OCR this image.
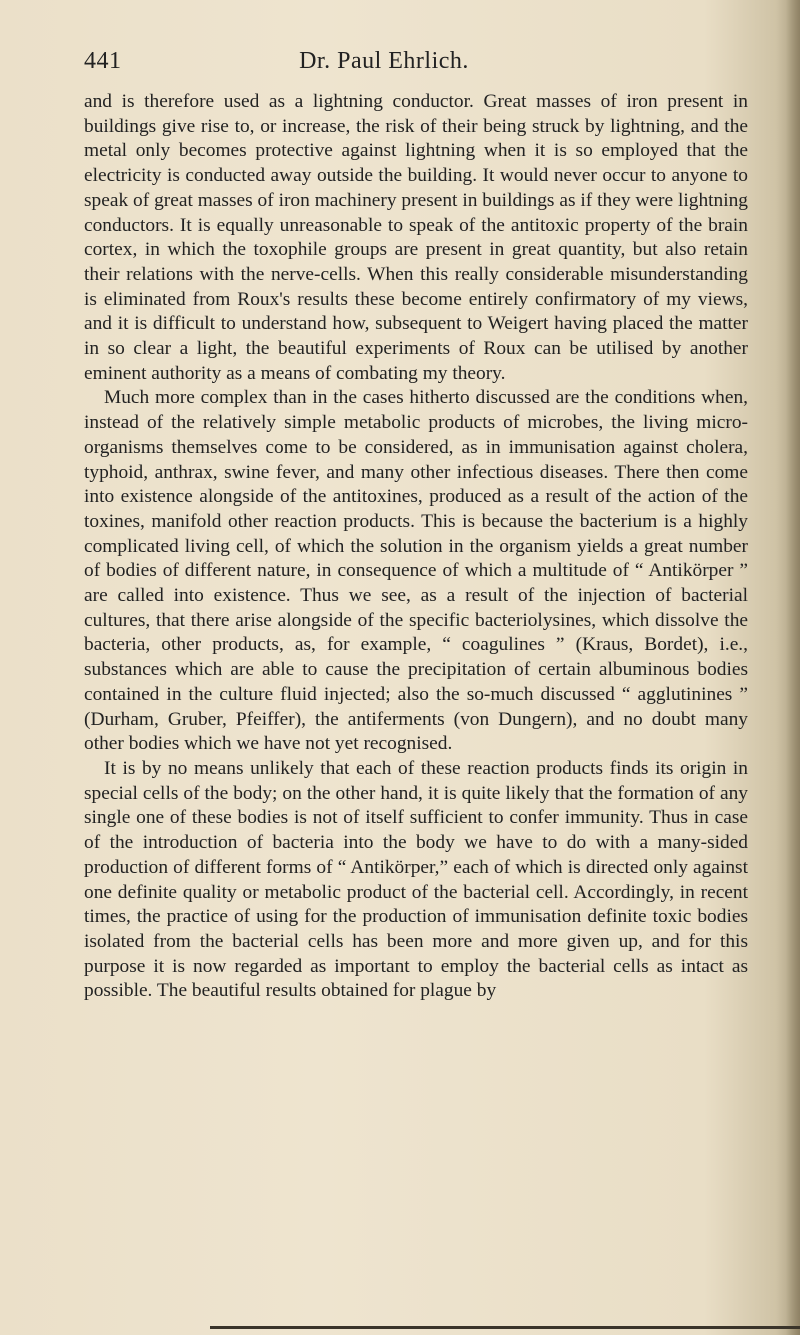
441	Dr. Paul Ehrlich.

and is therefore used as a lightning conductor. Great masses of iron present in buildings give rise to, or increase, the risk of their being struck by lightning, and the metal only becomes protective against lightning when it is so employed that the electricity is conducted away outside the building. It would never occur to anyone to speak of great masses of iron machinery present in buildings as if they were lightning conductors. It is equally unreasonable to speak of the antitoxic property of the brain cortex, in which the toxophile groups are present in great quantity, but also retain their relations with the nerve-cells. When this really considerable misunderstanding is eliminated from Roux's results these become entirely confirmatory of my views, and it is difficult to understand how, subsequent to Weigert having placed the matter in so clear a light, the beautiful experiments of Roux can be utilised by another eminent authority as a means of combating my theory.

Much more complex than in the cases hitherto discussed are the conditions when, instead of the relatively simple metabolic products of microbes, the living micro-organisms themselves come to be considered, as in immunisation against cholera, typhoid, anthrax, swine fever, and many other infectious diseases. There then come into existence alongside of the antitoxines, produced as a result of the action of the toxines, manifold other reaction products. This is because the bacterium is a highly complicated living cell, of which the solution in the organism yields a great number of bodies of different nature, in consequence of which a multitude of “ Antikörper ” are called into existence. Thus we see, as a result of the injection of bacterial cultures, that there arise alongside of the specific bacteriolysines, which dissolve the bacteria, other products, as, for example, “ coagulines ” (Kraus, Bordet), i.e., substances which are able to cause the precipitation of certain albuminous bodies contained in the culture fluid injected; also the so-much discussed “ agglutinines ” (Durham, Gruber, Pfeiffer), the antiferments (von Dungern), and no doubt many other bodies which we have not yet recognised.

It is by no means unlikely that each of these reaction products finds its origin in special cells of the body; on the other hand, it is quite likely that the formation of any single one of these bodies is not of itself sufficient to confer immunity. Thus in case of the introduction of bacteria into the body we have to do with a many-sided production of different forms of “ Antikörper,” each of which is directed only against one definite quality or metabolic product of the bacterial cell. Accordingly, in recent times, the practice of using for the production of immunisation definite toxic bodies isolated from the bacterial cells has been more and more given up, and for this purpose it is now regarded as important to employ the bacterial cells as intact as possible. The beautiful results obtained for plague by
